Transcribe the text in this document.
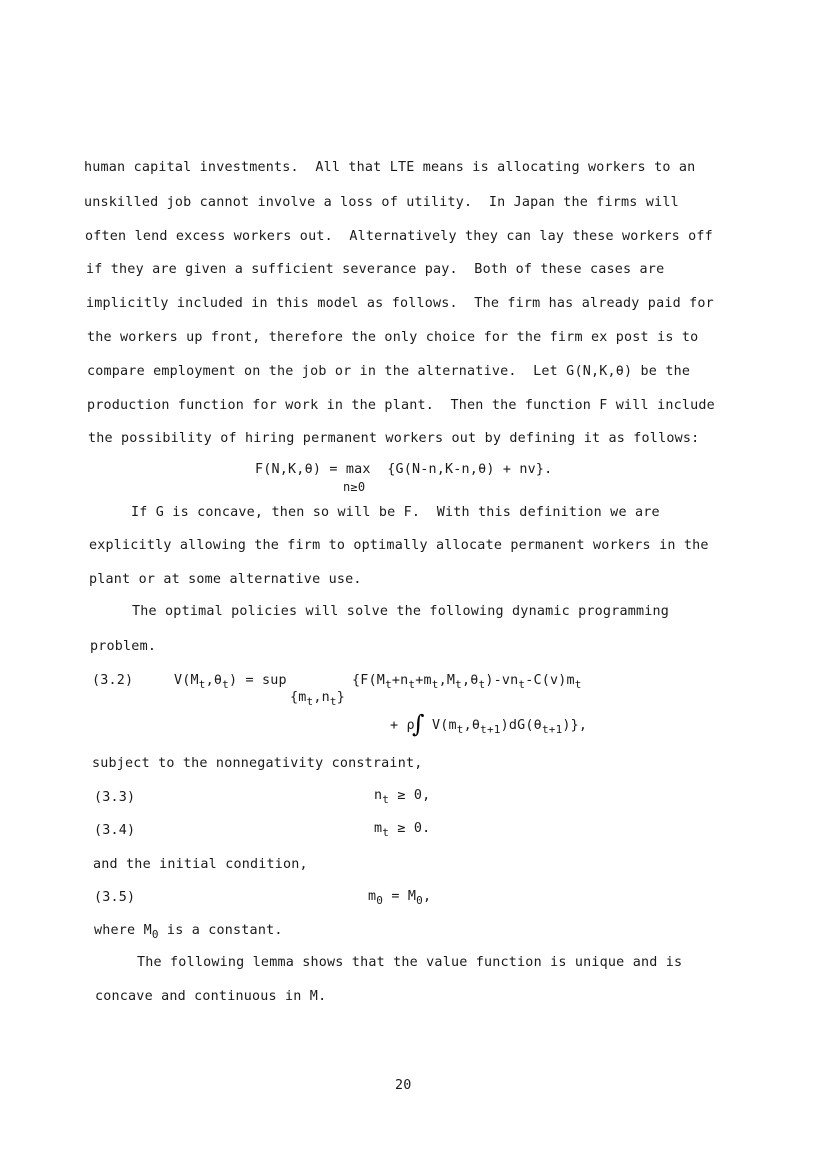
human capital investments.  All that LTE means is allocating workers to an
unskilled job cannot involve a loss of utility.  In Japan the firms will
often lend excess workers out.  Alternatively they can lay these workers off
if they are given a sufficient severance pay.  Both of these cases are
implicitly included in this model as follows.  The firm has already paid for
the workers up front, therefore the only choice for the firm ex post is to
compare employment on the job or in the alternative.  Let G(N,K,θ) be the
production function for work in the plant.  Then the function F will include
the possibility of hiring permanent workers out by defining it as follows:
F(N,K,θ) = max  {G(N-n,K-n,θ) + nv}.
n≥0
If G is concave, then so will be F.  With this definition we are
explicitly allowing the firm to optimally allocate permanent workers in the
plant or at some alternative use.
The optimal policies will solve the following dynamic programming
problem.
(3.2)	$V(M_t,\theta_t)$ = sup
$\{m_t,n_t\}$
{$F(M_t+n_t+m_t,M_t,\theta_t)-vn_t-C(v)m_t$
+ ρ
∫ $V(m_t,\theta_{t+1})dG(\theta_{t+1})$},
subject to the nonnegativity constraint,
(3.3)	$n_t \ge 0$,
(3.4)	$m_t \ge 0$.
and the initial condition,
(3.5)	$m_0 = M_0$,
where $M_0$ is a constant.
The following lemma shows that the value function is unique and is
concave and continuous in M.
20
